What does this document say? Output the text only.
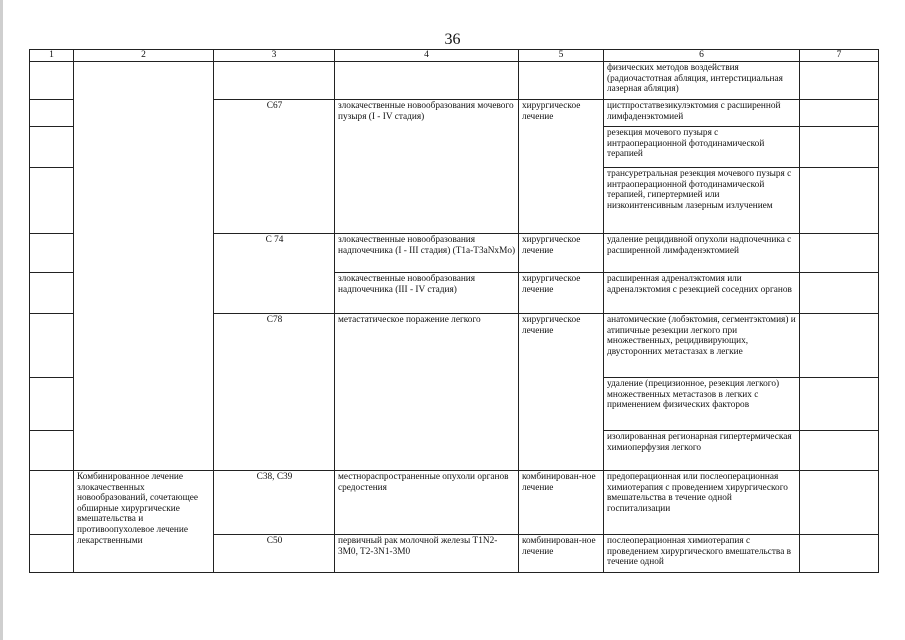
36
1	2	3	4	5	6	7
					физических методов воздействия (радиочастотная абляция, интерстициальная лазерная абляция)	
		C67	злокачественные новообразования мочевого пузыря (I - IV стадия)	хирургическое лечение	цистпростатвезикулэктомия с расширенной лимфаденэктомией	
					резекция мочевого пузыря с интраоперационной фотодинамической терапией	
					трансуретральная резекция мочевого пузыря с интраоперационной фотодинамической терапией, гипертермией или низкоинтенсивным лазерным излучением	
		C 74	злокачественные новообразования надпочечника (I - III стадия) (T1a-T3aNxMo)	хирургическое лечение	удаление рецидивной опухоли надпочечника с расширенной лимфаденэктомией	
			злокачественные новообразования надпочечника (III - IV стадия)	хирургическое лечение	расширенная адреналэктомия или адреналэктомия с резекцией соседних органов	
		C78	метастатическое поражение легкого	хирургическое лечение	анатомические (лобэктомия, сегментэктомия) и атипичные резекции легкого при множественных, рецидивирующих, двусторонних метастазах в легкие	
					удаление (прецизионное, резекция легкого) множественных метастазов в легких с применением физических факторов	
					изолированная регионарная гипертермическая химиоперфузия легкого	
	Комбинированное лечение злокачественных новообразований, сочетающее обширные хирургические вмешательства и противоопухолевое лечение лекарственными	C38, C39	местнораспространенные опухоли органов средостения	комбинирован-ное лечение	предоперационная или послеоперационная химиотерапия с проведением хирургического вмешательства в течение одной госпитализации	
		C50	первичный рак молочной железы T1N2-3M0, T2-3N1-3M0	комбинирован-ное лечение	послеоперационная химиотерапия с проведением хирургического вмешательства в течение одной	
